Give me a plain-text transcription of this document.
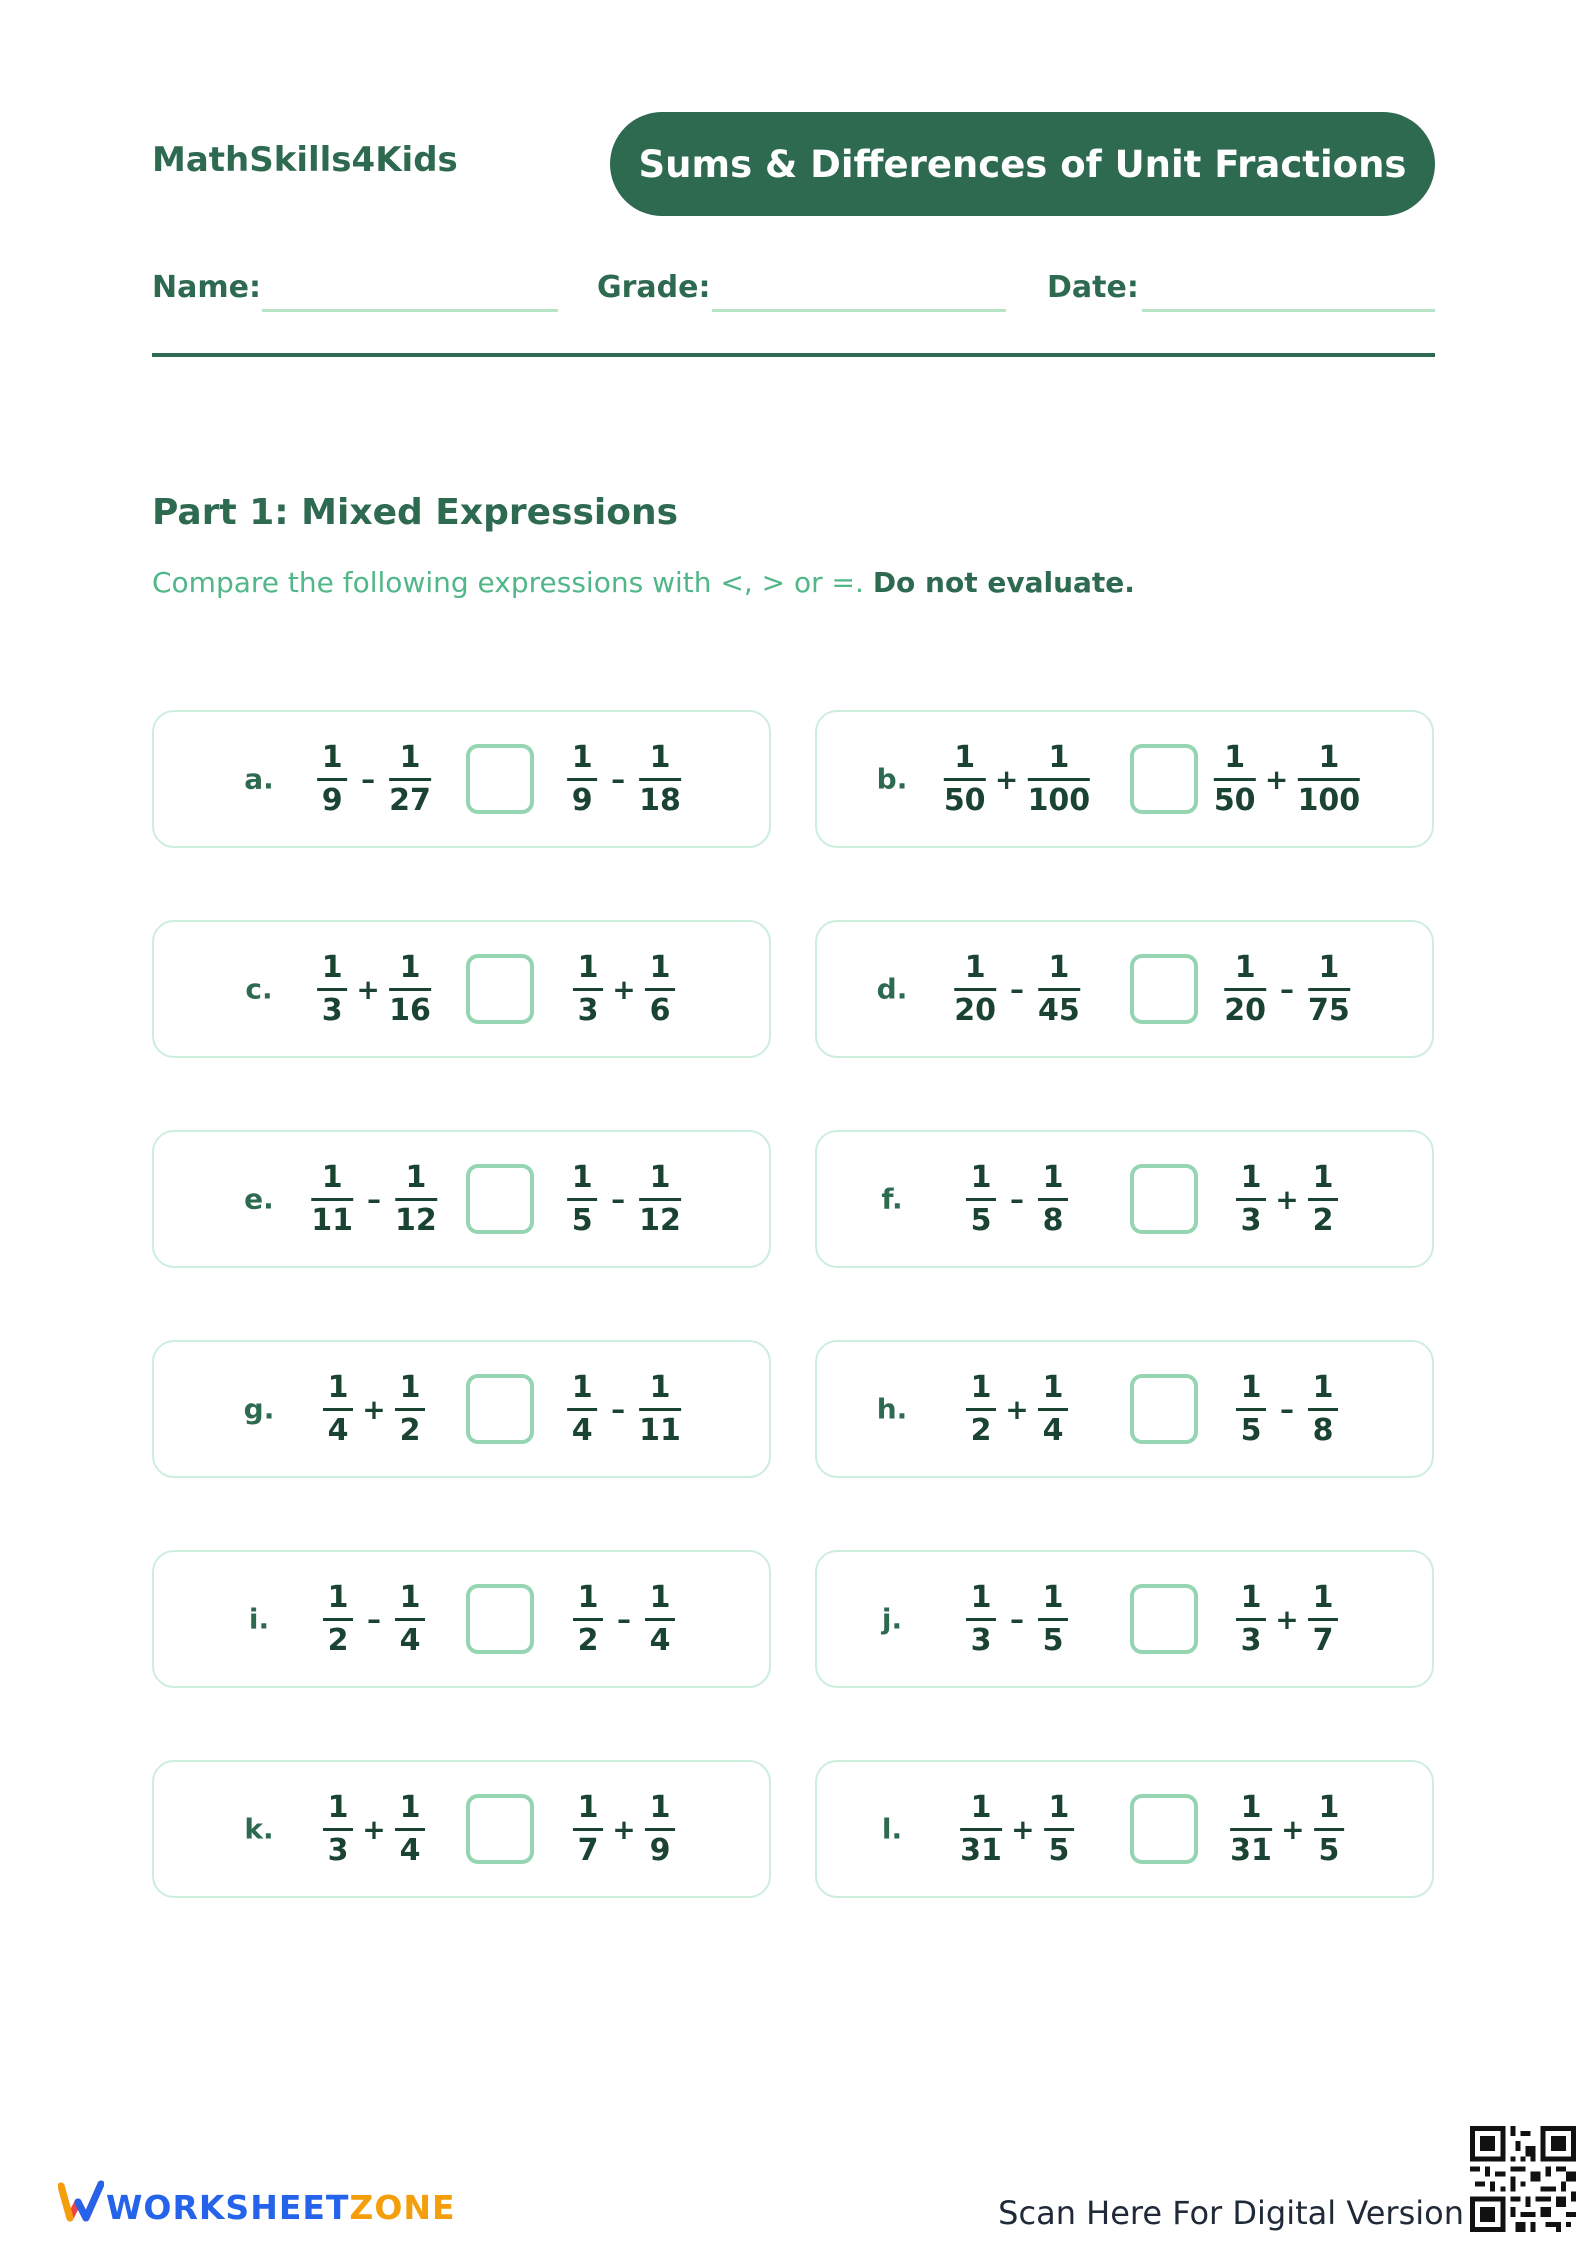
MathSkills4Kids	Sums & Differences of Unit Fractions
Name:	Grade:	Date:
Part 1: Mixed Expressions
Compare the following expressions with <, > or =. Do not evaluate.
a. $\frac{1}{9} - \frac{1}{27}$	$\frac{1}{9} - \frac{1}{18}$	b. $\frac{1}{50} + \frac{1}{100}$	$\frac{1}{50} + \frac{1}{100}$
c. $\frac{1}{3} + \frac{1}{16}$	$\frac{1}{3} + \frac{1}{6}$	d. $\frac{1}{20} - \frac{1}{45}$	$\frac{1}{20} - \frac{1}{75}$
e. $\frac{1}{11} - \frac{1}{12}$	$\frac{1}{5} - \frac{1}{12}$	f. $\frac{1}{5} - \frac{1}{8}$	$\frac{1}{3} + \frac{1}{2}$
g. $\frac{1}{4} + \frac{1}{2}$	$\frac{1}{4} - \frac{1}{11}$	h. $\frac{1}{2} + \frac{1}{4}$	$\frac{1}{5} - \frac{1}{8}$
i. $\frac{1}{2} - \frac{1}{4}$	$\frac{1}{2} - \frac{1}{4}$	j. $\frac{1}{3} - \frac{1}{5}$	$\frac{1}{3} + \frac{1}{7}$
k. $\frac{1}{3} + \frac{1}{4}$	$\frac{1}{7} + \frac{1}{9}$	l. $\frac{1}{31} + \frac{1}{5}$	$\frac{1}{31} + \frac{1}{5}$
WORKSHEETZONE	Scan Here For Digital Version
